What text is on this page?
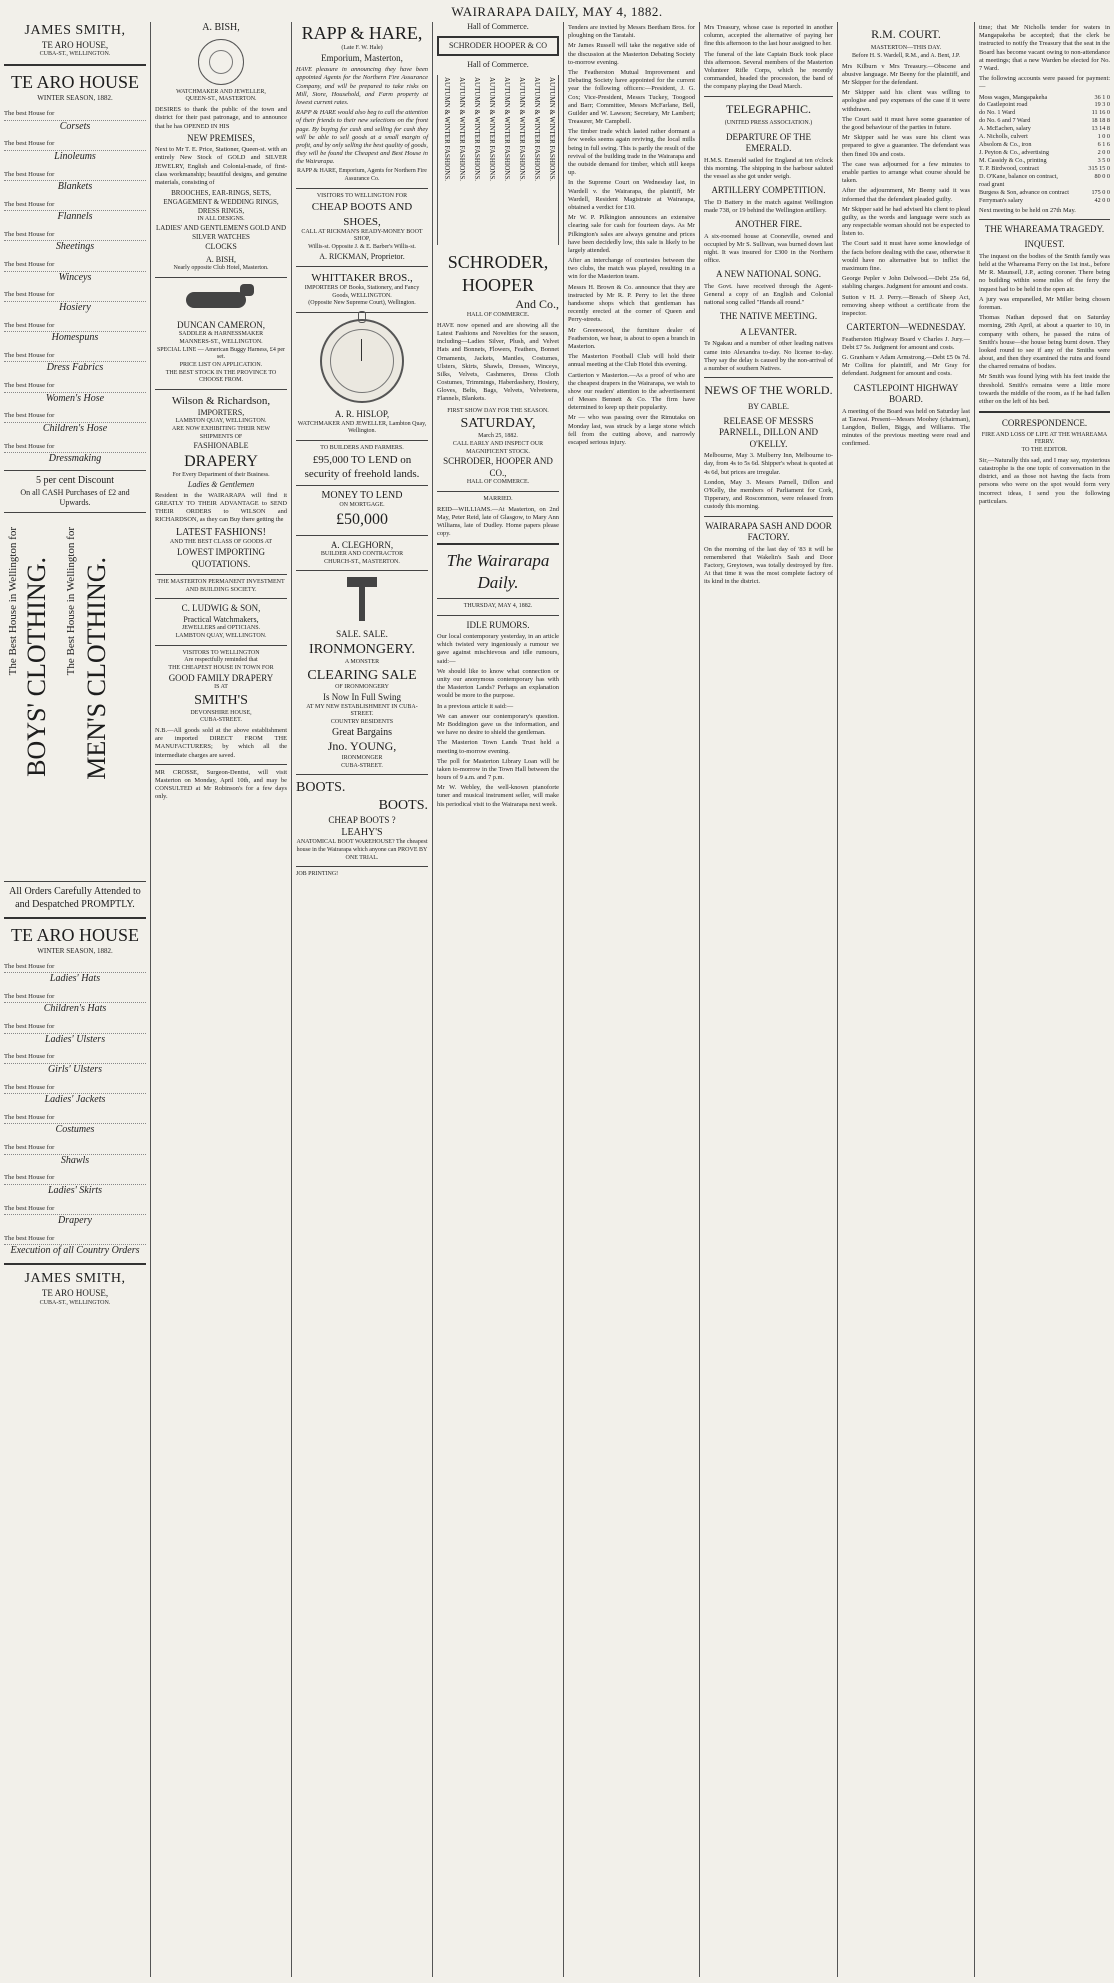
WAIRARAPA DAILY, MAY 4, 1882.
JAMES SMITH,
TE ARO HOUSE,
CUBA-ST., WELLINGTON.
TE ARO HOUSE
WINTER SEASON, 1882.
The best House for
Corsets
The best House for
Linoleums
The best House for
Blankets
The best House for
Flannels
The best House for
Sheetings
The best House for
Winceys
The best House for
Hosiery
The best House for
Homespuns
The best House for
Dress Fabrics
The best House for
Women's Hose
The best House for
Children's Hose
The best House for
Dressmaking
5 per cent Discount
On all CASH Purchases of £2 and Upwards.
The Best House in Wellington for BOYS' CLOTHING. The Best House in Wellington for MEN'S CLOTHING.
All Orders Carefully Attended to and Despatched PROMPTLY.
TE ARO HOUSE
WINTER SEASON, 1882.
The best House for
Ladies' Hats
The best House for
Children's Hats
The best House for
Ladies' Ulsters
The best House for
Girls' Ulsters
The best House for
Ladies' Jackets
The best House for
Costumes
The best House for
Shawls
The best House for
Ladies' Skirts
The best House for
Drapery
The best House for
Execution of all Country Orders
JAMES SMITH,
TE ARO HOUSE,
CUBA-ST., WELLINGTON.
A. BISH,
WATCHMAKER AND JEWELLER,
QUEEN-ST., MASTERTON.
DESIRES to thank the public of the town and district for their past patronage, and to announce that he has OPENED IN HIS
NEW PREMISES,
Next to Mr T. E. Price, Stationer, Queen-st. with an entirely New Stock of GOLD and SILVER JEWELRY, English and Colonial-made, of first-class workmanship; beautiful designs, and genuine materials, consisting of
BROOCHES, EAR-RINGS, SETS, ENGAGEMENT & WEDDING RINGS, DRESS RINGS,
IN ALL DESIGNS.
LADIES' AND GENTLEMEN'S GOLD AND SILVER WATCHES
CLOCKS
A. BISH,
Nearly opposite Club Hotel, Masterton.
DUNCAN CAMERON,
SADDLER & HARNESSMAKER
MANNERS-ST., WELLINGTON.
SPECIAL LINE — American Buggy Harness, £4 per set.
PRICE LIST ON APPLICATION.
THE BEST STOCK IN THE PROVINCE TO CHOOSE FROM.
Wilson & Richardson,
IMPORTERS,
LAMBTON QUAY, WELLINGTON.
ARE NOW EXHIBITING THEIR NEW SHIPMENTS OF
FASHIONABLE
DRAPERY
For Every Department of their Business.
Ladies & Gentlemen
Resident in the WAIRARAPA will find it GREATLY TO THEIR ADVANTAGE to SEND THEIR ORDERS to WILSON and RICHARDSON, as they can Buy there getting the
LATEST FASHIONS!
AND THE BEST CLASS OF GOODS AT
LOWEST IMPORTING QUOTATIONS.
THE MASTERTON PERMANENT INVESTMENT AND BUILDING SOCIETY.
C. LUDWIG & SON,
Practical Watchmakers,
JEWELLERS and OPTICIANS.
LAMBTON QUAY, WELLINGTON.
VISITORS TO WELLINGTON
Are respectfully reminded that
THE CHEAPEST HOUSE IN TOWN FOR
GOOD FAMILY DRAPERY
IS AT
SMITH'S
DEVONSHIRE HOUSE,
CUBA-STREET.
N.B.—All goods sold at the above establishment are imported DIRECT FROM THE MANUFACTURERS; by which all the intermediate charges are saved.
MR CROSSE, Surgeon-Dentist, will visit Masterton on Monday, April 10th, and may be CONSULTED at Mr Robinson's for a few days only.
RAPP & HARE,
(Late F. W. Hale)
Emporium, Masterton,
HAVE pleasure in announcing they have been appointed Agents for the Northern Fire Assurance Company, and will be prepared to take risks on Mill, Store, Household, and Farm property at lowest current rates.
RAPP & HARE would also beg to call the attention of their friends to their new selections on the front page. By buying for cash and selling for cash they will be able to sell goods at a small margin of profit, and by only selling the best quality of goods, they will be found the Cheapest and Best House in the Wairarapa.
RAPP & HARE, Emporium, Agents for Northern Fire Assurance Co.
VISITORS TO WELLINGTON FOR
CHEAP BOOTS AND SHOES,
CALL AT RICKMAN'S READY-MONEY BOOT SHOP,
Willis-st. Opposite J. & E. Barber's Willis-st.
A. RICKMAN, Proprietor.
WHITTAKER BROS.,
IMPORTERS OF Books, Stationery, and Fancy Goods, WELLINGTON.
(Opposite New Supreme Court), Wellington.
A. R. HISLOP,
WATCHMAKER AND JEWELLER, Lambton Quay, Wellington.
TO BUILDERS AND FARMERS.
£95,000 TO LEND on security of freehold lands.
MONEY TO LEND
ON MORTGAGE.
£50,000
A. CLEGHORN,
BUILDER AND CONTRACTOR
CHURCH-ST., MASTERTON.
SALE. SALE.
IRONMONGERY.
A MONSTER
CLEARING SALE
OF IRONMONGERY
Is Now In Full Swing
AT MY NEW ESTABLISHMENT IN CUBA-STREET.
COUNTRY RESIDENTS
Great Bargains
Jno. YOUNG,
IRONMONGER
CUBA-STREET.
BOOTS.
BOOTS.
CHEAP BOOTS ?
LEAHY'S
ANATOMICAL BOOT WAREHOUSE? The cheapest house in the Wairarapa which anyone can PROVE BY ONE TRIAL.
JOB PRINTING!
Hall of Commerce.
SCHRODER HOOPER & CO
Hall of Commerce.
AUTUMN & WINTER FASHIONS. AUTUMN & WINTER FASHIONS. AUTUMN & WINTER FASHIONS. AUTUMN & WINTER FASHIONS. AUTUMN & WINTER FASHIONS. AUTUMN & WINTER FASHIONS. AUTUMN & WINTER FASHIONS. AUTUMN & WINTER FASHIONS.
SCHRODER,
HOOPER
And Co.,
HALL OF COMMERCE.
HAVE now opened and are showing all the Latest Fashions and Novelties for the season, including—Ladies Silver, Plush, and Velvet Hats and Bonnets, Flowers, Feathers, Bonnet Ornaments, Jackets, Mantles, Costumes, Ulsters, Skirts, Shawls, Dresses, Winceys, Silks, Velvets, Cashmeres, Dress Cloth Costumes, Trimmings, Haberdashery, Hosiery, Gloves, Belts, Bags, Velvets, Velveteens, Flannels, Blankets.
FIRST SHOW DAY FOR THE SEASON.
SATURDAY,
March 25, 1882.
CALL EARLY AND INSPECT OUR MAGNIFICENT STOCK.
SCHRODER, HOOPER AND CO.,
HALL OF COMMERCE.
MARRIED.
REID—WILLIAMS.—At Masterton, on 2nd May, Peter Reid, late of Glasgow, to Mary Ann Williams, late of Dudley. Home papers please copy.
The Wairarapa Daily.
THURSDAY, MAY 4, 1882.
IDLE RUMORS.
Our local contemporary yesterday, in an article which twisted very ingeniously a rumour we gave against mischievous and idle rumours, said:—
We should like to know what connection or unity our anonymous contemporary has with the Masterton Lands? Perhaps an explanation would be more to the purpose.
In a previous article it said:—
We can answer our contemporary's question. Mr Boddington gave us the information, and we have no desire to shield the gentleman.
The Masterton Town Lands Trust held a meeting to-morrow evening.
The poll for Masterton Library Loan will be taken to-morrow in the Town Hall between the hours of 9 a.m. and 7 p.m.
Mr W. Webley, the well-known pianoforte tuner and musical instrument seller, will make his periodical visit to the Wairarapa next week.
Tenders are invited by Messrs Beetham Bros. for ploughing on the Taratahi.
Mr James Russell will take the negative side of the discussion at the Masterton Debating Society to-morrow evening.
The Featherston Mutual Improvement and Debating Society have appointed for the current year the following officers:—President, J. G. Cox; Vice-President, Messrs Tuckey, Toogood and Barr; Committee, Messrs McFarlane, Bell, Guilder and W. Lawson; Secretary, Mr Lambert; Treasurer, Mr Campbell.
The timber trade which lasted rather dormant a few weeks seems again reviving, the local mills being in full swing. This is partly the result of the revival of the building trade in the Wairarapa and the outside demand for timber, which still keeps up.
In the Supreme Court on Wednesday last, in Wardell v. the Wairarapa, the plaintiff, Mr Wardell, Resident Magistrate at Wairarapa, obtained a verdict for £10.
Mr W. P. Pilkington announces an extensive clearing sale for cash for fourteen days. As Mr Pilkington's sales are always genuine and prices have been decidedly low, this sale is likely to be largely attended.
After an interchange of courtesies between the two clubs, the match was played, resulting in a win for the Masterton team.
Messrs H. Brown & Co. announce that they are instructed by Mr R. P. Perry to let the three handsome shops which that gentleman has recently erected at the corner of Queen and Perry-streets.
Mr Greenwood, the furniture dealer of Featherston, we hear, is about to open a branch in Masterton.
The Masterton Football Club will hold their annual meeting at the Club Hotel this evening.
Cartierton v Masterton.—As a proof of who are the cheapest drapers in the Wairarapa, we wish to show our readers' attention to the advertisement of Messrs Bennett & Co. The firm have determined to keep up their popularity.
Mr — who was passing over the Rimutaka on Monday last, was struck by a large stone which fell from the cutting above, and narrowly escaped serious injury.
Mrs Treasury, whose case is reported in another column, accepted the alternative of paying her fine this afternoon to the last hour assigned to her.
The funeral of the late Captain Buck took place this afternoon. Several members of the Masterton Volunteer Rifle Corps, which he recently commanded, headed the procession, the band of the company playing the Dead March.
TELEGRAPHIC.
(UNITED PRESS ASSOCIATION.)
DEPARTURE OF THE EMERALD.
H.M.S. Emerald sailed for England at ten o'clock this morning. The shipping in the harbour saluted the vessel as she got under weigh.
ARTILLERY COMPETITION.
The D Battery in the match against Wellington made 738, or 19 behind the Wellington artillery.
ANOTHER FIRE.
A six-roomed house at Cooneville, owned and occupied by Mr S. Sullivan, was burned down last night. It was insured for £300 in the Northern office.
A NEW NATIONAL SONG.
The Govt. have received through the Agent-General a copy of an English and Colonial national song called "Hands all round."
THE NATIVE MEETING.
A LEVANTER.
Te Ngakau and a number of other leading natives came into Alexandra to-day. No license to-day. They say the delay is caused by the non-arrival of a number of southern Natives.
NEWS OF THE WORLD.
BY CABLE.
RELEASE OF MESSRS PARNELL, DILLON AND O'KELLY.
Melbourne, May 3. Mulberry Inn, Melbourne to-day, from 4s to 5s 6d. Shipper's wheat is quoted at 4s 6d, but prices are irregular.
London, May 3. Messrs Parnell, Dillon and O'Kelly, the members of Parliament for Cork, Tipperary, and Roscommon, were released from custody this morning.
WAIRARAPA SASH AND DOOR FACTORY.
On the morning of the last day of '83 it will be remembered that Wakelin's Sash and Door Factory, Greytown, was totally destroyed by fire. At that time it was the most complete factory of its kind in the district.
R.M. COURT.
MASTERTON—THIS DAY.
Before H. S. Wardell, R.M., and A. Bent, J.P.
Mrs Kilburn v Mrs Treasury.—Obscene and abusive language. Mr Beeny for the plaintiff, and Mr Skipper for the defendant.
Mr Skipper said his client was willing to apologise and pay expenses of the case if it were withdrawn.
The Court said it must have some guarantee of the good behaviour of the parties in future.
Mr Skipper said he was sure his client was prepared to give a guarantee. The defendant was then fined 10s and costs.
The case was adjourned for a few minutes to enable parties to arrange what course should be taken.
After the adjournment, Mr Beeny said it was informed that the defendant pleaded guilty.
Mr Skipper said he had advised his client to plead guilty, as the words and language were such as any respectable woman should not be expected to listen to.
The Court said it must have some knowledge of the facts before dealing with the case, otherwise it would have no alternative but to inflict the maximum fine.
George Pepler v John Delwood.—Debt 25s 6d, stabling charges. Judgment for amount and costs.
Sutton v H. J. Perry.—Breach of Sheep Act, removing sheep without a certificate from the inspector.
CARTERTON—WEDNESDAY.
Featherston Highway Board v Charles J. Jury.—Debt £7 5s. Judgment for amount and costs.
G. Granham v Adam Armstrong.—Debt £5 0s 7d. Mr Collins for plaintiff, and Mr Gray for defendant. Judgment for amount and costs.
CASTLEPOINT HIGHWAY BOARD.
A meeting of the Board was held on Saturday last at Tauwai. Present—Messrs Moohey (chairman), Langdon, Bullen, Biggs, and Williams. The minutes of the previous meeting were read and confirmed.
time; that Mr Nicholls tender for waters in Mangapakeha be accepted; that the clerk be instructed to notify the Treasury that the seat in the Board has become vacant owing to non-attendance at meetings; that a new Warden be elected for No. 7 Ward.
The following accounts were passed for payment:—
Moss wages, Mangapakeha	36 1 0
do Castlepoint road	19 3 0
do No. 1 Ward	11 16 0
do No. 6 and 7 Ward	18 18 8
A. McEachen, salary	13 14 8
A. Nicholls, culvert	1 0 0
Absolom & Co., iron	6 1 6
J. Peyton & Co., advertising	2 0 0
M. Cassidy & Co., printing	3 5 0
T. P. Birdwood, contract	315 15 0
D. O'Kane, balance on contract, road grant
80 0 0
Burgess & Son, advance on contract	175 0 0
Ferryman's salary	42 0 0
Next meeting to be held on 27th May.
THE WHAREAMA TRAGEDY.
INQUEST.
The inquest on the bodies of the Smith family was held at the Whareama Ferry on the 1st inst., before Mr R. Maunsell, J.P., acting coroner. There being no building within some miles of the ferry the inquest had to be held in the open air.
A jury was empanelled, Mr Miller being chosen foreman.
Thomas Nathan deposed that on Saturday morning, 29th April, at about a quarter to 10, in company with others, he passed the ruins of Smith's house—the house being burnt down. They looked round to see if any of the Smiths were about, and then they examined the ruins and found the charred remains of bodies.
Mr Smith was found lying with his feet inside the threshold. Smith's remains were a little more towards the middle of the room, as if he had fallen either on the left of his bed.
CORRESPONDENCE.
FIRE AND LOSS OF LIFE AT THE WHAREAMA FERRY.
TO THE EDITOR.
Sir,—Naturally this sad, and I may say, mysterious catastrophe is the one topic of conversation in the district, and as those not having the facts from persons who were on the spot would form very incorrect ideas, I send you the following particulars.
